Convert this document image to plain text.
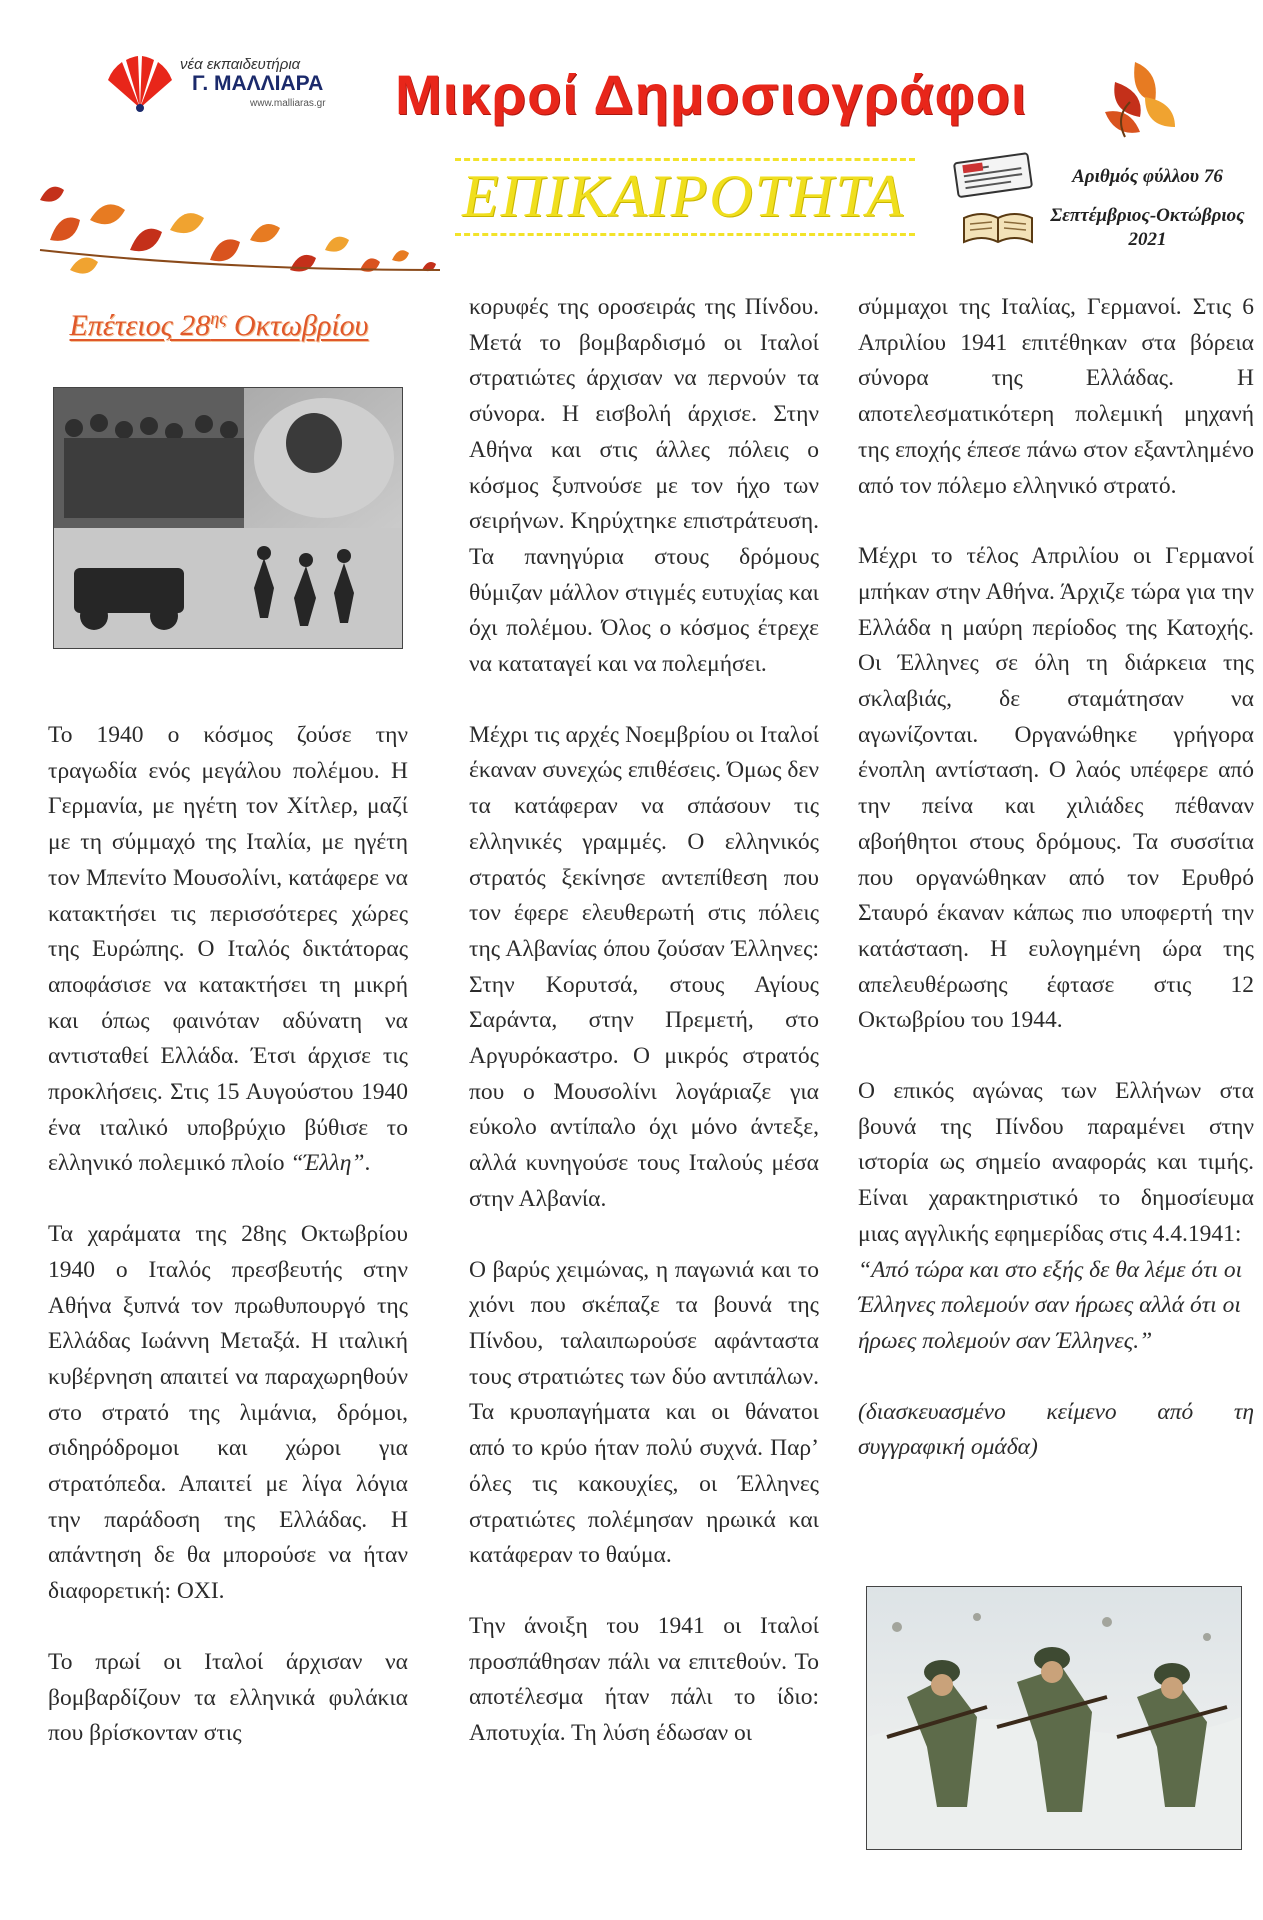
νέα εκπαιδευτήρια
Γ. ΜΑΛΛΙΑΡΑ
www.malliaras.gr Μικροί Δημοσιογράφοι
ΕΠΙΚΑΙΡΟΤΗΤΑ	Αριθμός φύλλου 76
Σεπτέμβριος-Οκτώβριος 2021
Επέτειος $28^{\eta\varsigma}$ Οκτωβρίου

Το 1940 ο κόσμος ζούσε την τραγωδία ενός μεγάλου πολέμου. Η Γερμανία, με ηγέτη τον Χίτλερ, μαζί με τη σύμμαχό της Ιταλία, με ηγέτη τον Μπενίτο Μουσολίνι, κατάφερε να κατακτήσει τις περισσότερες χώρες της Ευρώπης. Ο Ιταλός δικτάτορας αποφάσισε να κατακτήσει τη μικρή και όπως φαινόταν αδύνατη να αντισταθεί Ελλάδα. Έτσι άρχισε τις προκλήσεις. Στις 15 Αυγούστου 1940 ένα ιταλικό υποβρύχιο βύθισε το ελληνικό πολεμικό πλοίο “Έλλη”.

Τα χαράματα της 28ης Οκτωβρίου 1940 ο Ιταλός πρεσβευτής στην Αθήνα ξυπνά τον πρωθυπουργό της Ελλάδας Ιωάννη Μεταξά. Η ιταλική κυβέρνηση απαιτεί να παραχωρηθούν στο στρατό της λιμάνια, δρόμοι, σιδηρόδρομοι και χώροι για στρατόπεδα. Απαιτεί με λίγα λόγια την παράδοση της Ελλάδας. Η απάντηση δε θα μπορούσε να ήταν διαφορετική: ΟΧΙ.

Το πρωί οι Ιταλοί άρχισαν να βομβαρδίζουν τα ελληνικά φυλάκια που βρίσκονταν στις

κορυφές της οροσειράς της Πίνδου. Μετά το βομβαρδισμό οι Ιταλοί στρατιώτες άρχισαν να περνούν τα σύνορα. Η εισβολή άρχισε. Στην Αθήνα και στις άλλες πόλεις ο κόσμος ξυπνούσε με τον ήχο των σειρήνων. Κηρύχτηκε επιστράτευση. Τα πανηγύρια στους δρόμους θύμιζαν μάλλον στιγμές ευτυχίας και όχι πολέμου. Όλος ο κόσμος έτρεχε να καταταγεί και να πολεμήσει.

Μέχρι τις αρχές Νοεμβρίου οι Ιταλοί έκαναν συνεχώς επιθέσεις. Όμως δεν τα κατάφεραν να σπάσουν τις ελληνικές γραμμές. Ο ελληνικός στρατός ξεκίνησε αντεπίθεση που τον έφερε ελευθερωτή στις πόλεις της Αλβανίας όπου ζούσαν Έλληνες: Στην Κορυτσά, στους Αγίους Σαράντα, στην Πρεμετή, στο Αργυρόκαστρο. Ο μικρός στρατός που ο Μουσολίνι λογάριαζε για εύκολο αντίπαλο όχι μόνο άντεξε, αλλά κυνηγούσε τους Ιταλούς μέσα στην Αλβανία.

Ο βαρύς χειμώνας, η παγωνιά και το χιόνι που σκέπαζε τα βουνά της Πίνδου, ταλαιπωρούσε αφάνταστα τους στρατιώτες των δύο αντιπάλων. Τα κρυοπαγήματα και οι θάνατοι από το κρύο ήταν πολύ συχνά. Παρ’ όλες τις κακουχίες, οι Έλληνες στρατιώτες πολέμησαν ηρωικά και κατάφεραν το θαύμα.

Την άνοιξη του 1941 οι Ιταλοί προσπάθησαν πάλι να επιτεθούν. Το αποτέλεσμα ήταν πάλι το ίδιο: Αποτυχία. Τη λύση έδωσαν οι

σύμμαχοι της Ιταλίας, Γερμανοί. Στις 6 Απριλίου 1941 επιτέθηκαν στα βόρεια σύνορα της Ελλάδας. Η αποτελεσματικότερη πολεμική μηχανή της εποχής έπεσε πάνω στον εξαντλημένο από τον πόλεμο ελληνικό στρατό.

Μέχρι το τέλος Απριλίου οι Γερμανοί μπήκαν στην Αθήνα. Άρχιζε τώρα για την Ελλάδα η μαύρη περίοδος της Κατοχής. Οι Έλληνες σε όλη τη διάρκεια της σκλαβιάς, δε σταμάτησαν να αγωνίζονται. Οργανώθηκε γρήγορα ένοπλη αντίσταση. Ο λαός υπέφερε από την πείνα και χιλιάδες πέθαναν αβοήθητοι στους δρόμους. Τα συσσίτια που οργανώθηκαν από τον Ερυθρό Σταυρό έκαναν κάπως πιο υποφερτή την κατάσταση. Η ευλογημένη ώρα της απελευθέρωσης έφτασε στις 12 Οκτωβρίου του 1944.

Ο επικός αγώνας των Ελλήνων στα βουνά της Πίνδου παραμένει στην ιστορία ως σημείο αναφοράς και τιμής. Είναι χαρακτηριστικό το δημοσίευμα μιας αγγλικής εφημερίδας στις 4.4.1941:

“Από τώρα και στο εξής δε θα λέμε ότι οι Έλληνες πολεμούν σαν ήρωες αλλά ότι οι ήρωες πολεμούν σαν Έλληνες.”

(διασκευασμένο κείμενο από τη συγγραφική ομάδα)
